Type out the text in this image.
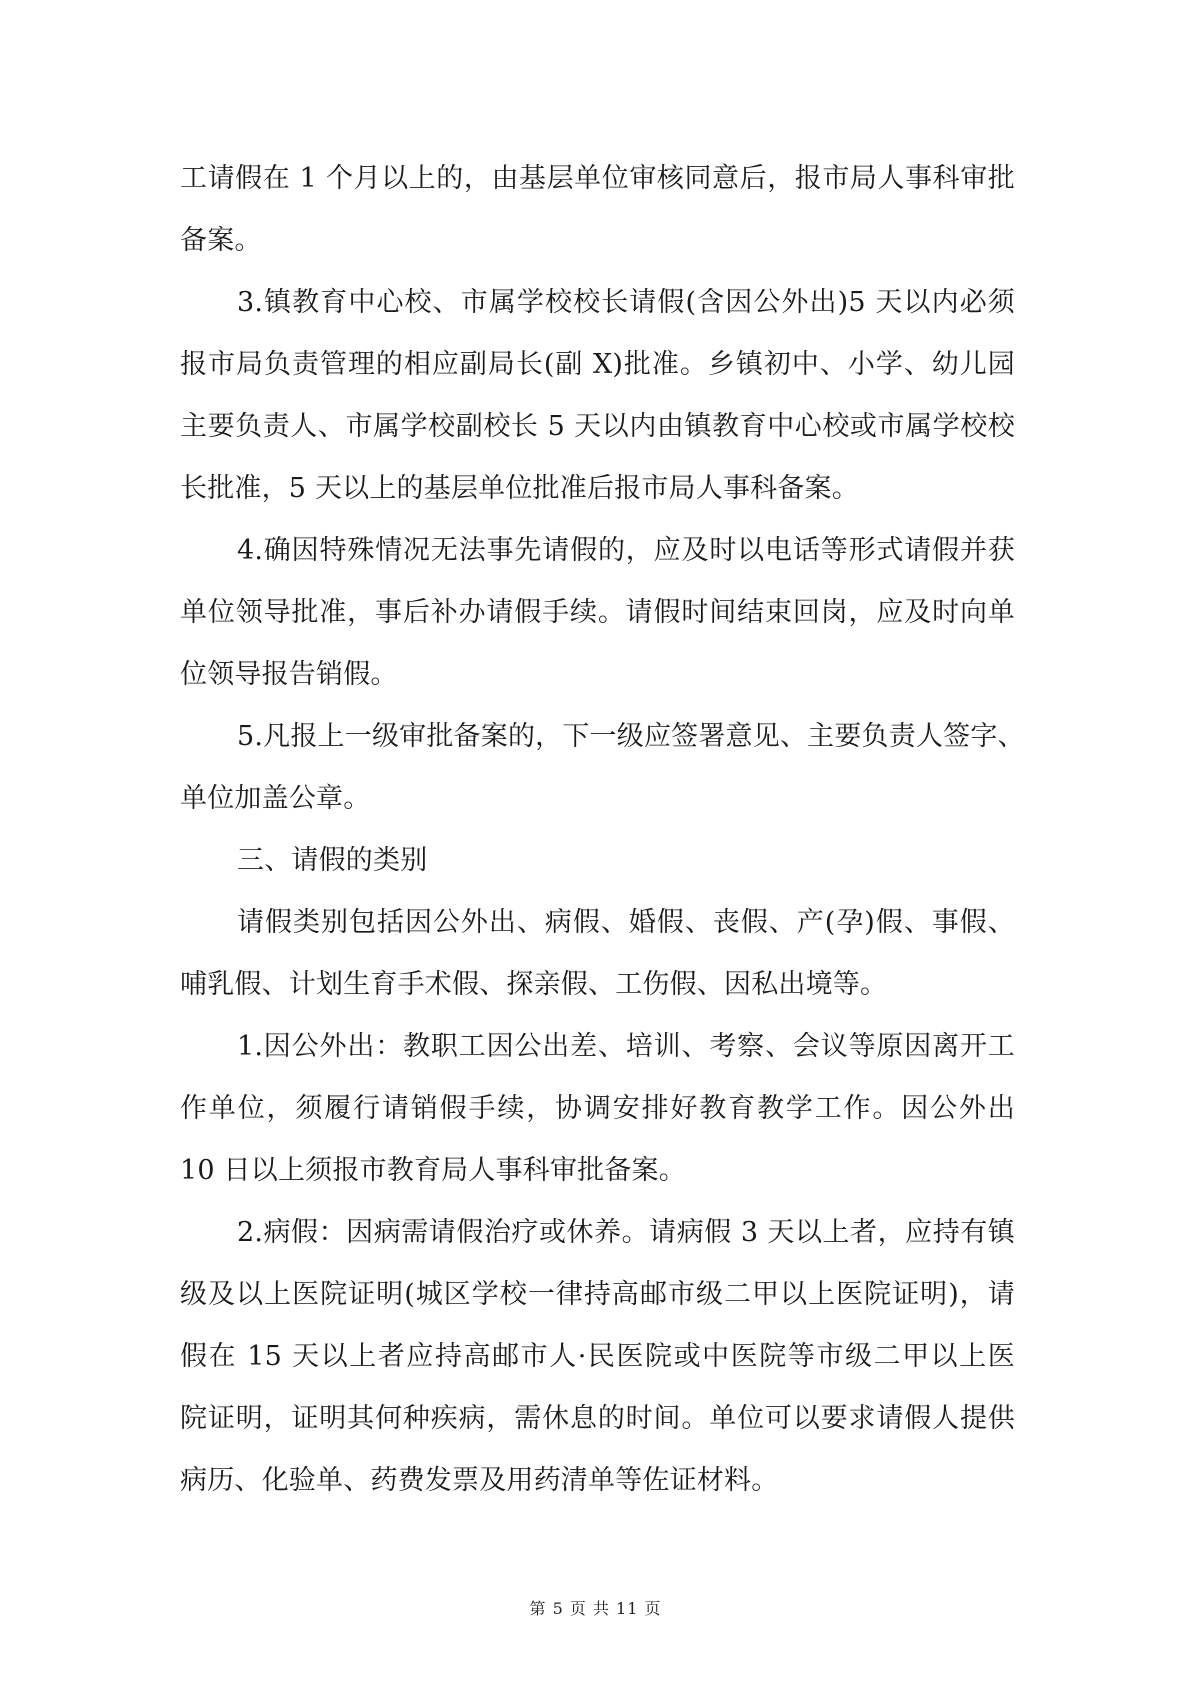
工请假在 1 个月以上的，由基层单位审核同意后，报市局人事科审批
备案。
3.镇教育中心校、市属学校校长请假(含因公外出)5 天以内必须
报市局负责管理的相应副局长(副 X)批准。乡镇初中、小学、幼儿园
主要负责人、市属学校副校长 5 天以内由镇教育中心校或市属学校校
长批准，5 天以上的基层单位批准后报市局人事科备案。
4.确因特殊情况无法事先请假的，应及时以电话等形式请假并获
单位领导批准，事后补办请假手续。请假时间结束回岗，应及时向单
位领导报告销假。
5.凡报上一级审批备案的，下一级应签署意见、主要负责人签字、
单位加盖公章。
三、请假的类别
请假类别包括因公外出、病假、婚假、丧假、产(孕)假、事假、
哺乳假、计划生育手术假、探亲假、工伤假、因私出境等。
1.因公外出：教职工因公出差、培训、考察、会议等原因离开工
作单位，须履行请销假手续，协调安排好教育教学工作。因公外出
10 日以上须报市教育局人事科审批备案。
2.病假：因病需请假治疗或休养。请病假 3 天以上者，应持有镇
级及以上医院证明(城区学校一律持高邮市级二甲以上医院证明)，请
假在 15 天以上者应持高邮市人·民医院或中医院等市级二甲以上医
院证明，证明其何种疾病，需休息的时间。单位可以要求请假人提供
病历、化验单、药费发票及用药清单等佐证材料。
第 5 页 共 11 页
